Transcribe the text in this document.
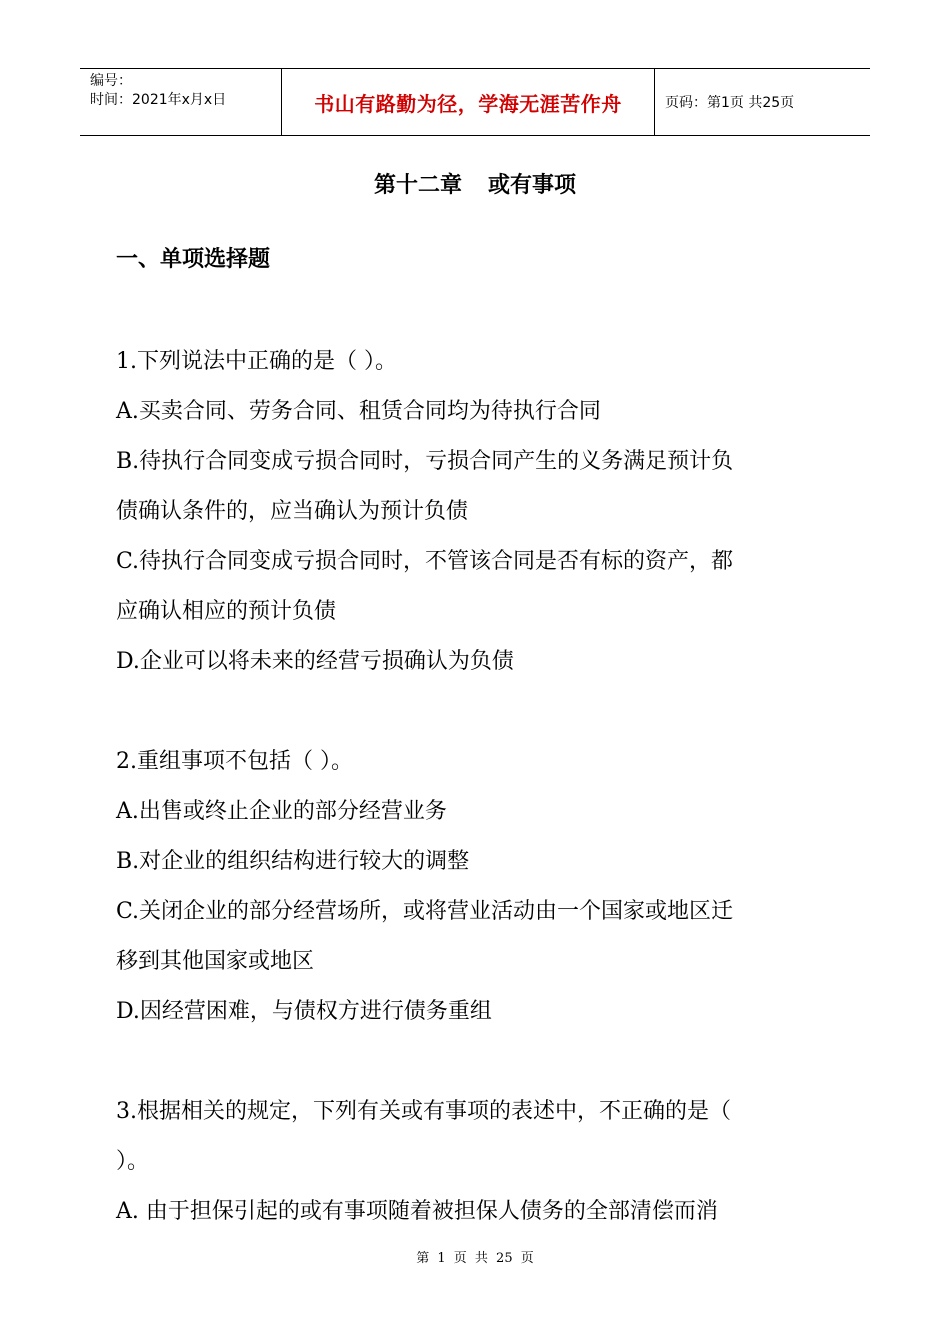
编号：
时间：2021年x月x日	书山有路勤为径，学海无涯苦作舟	页码：第1页 共25页
第十二章 或有事项
一、单项选择题

1.下列说法中正确的是（ ）。

A.买卖合同、劳务合同、租赁合同均为待执行合同

B.待执行合同变成亏损合同时，亏损合同产生的义务满足预计负

债确认条件的，应当确认为预计负债

C.待执行合同变成亏损合同时，不管该合同是否有标的资产，都

应确认相应的预计负债

D.企业可以将未来的经营亏损确认为负债

2.重组事项不包括（ ）。

A.出售或终止企业的部分经营业务

B.对企业的组织结构进行较大的调整

C.关闭企业的部分经营场所，或将营业活动由一个国家或地区迁

移到其他国家或地区

D.因经营困难，与债权方进行债务重组

3.根据相关的规定，下列有关或有事项的表述中，不正确的是（

）。

A. 由于担保引起的或有事项随着被担保人债务的全部清偿而消

第 1 页 共 25 页
